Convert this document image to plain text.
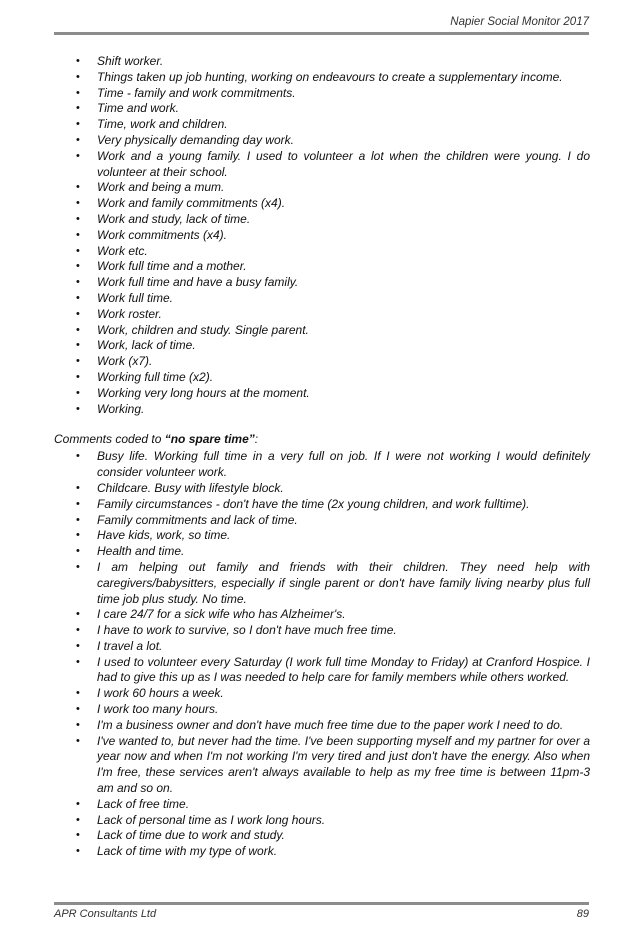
Napier Social Monitor 2017
• Shift worker.
• Things taken up job hunting, working on endeavours to create a supplementary income.
• Time - family and work commitments.
• Time and work.
• Time, work and children.
• Very physically demanding day work.
• Work and a young family. I used to volunteer a lot when the children were young. I do volunteer at their school.
• Work and being a mum.
• Work and family commitments (x4).
• Work and study, lack of time.
• Work commitments (x4).
• Work etc.
• Work full time and a mother.
• Work full time and have a busy family.
• Work full time.
• Work roster.
• Work, children and study. Single parent.
• Work, lack of time.
• Work (x7).
• Working full time (x2).
• Working very long hours at the moment.
• Working.
Comments coded to “no spare time”:
• Busy life. Working full time in a very full on job. If I were not working I would definitely consider volunteer work.
• Childcare. Busy with lifestyle block.
• Family circumstances - don't have the time (2x young children, and work fulltime).
• Family commitments and lack of time.
• Have kids, work, so time.
• Health and time.
• I am helping out family and friends with their children. They need help with caregivers/babysitters, especially if single parent or don't have family living nearby plus full time job plus study. No time.
• I care 24/7 for a sick wife who has Alzheimer's.
• I have to work to survive, so I don't have much free time.
• I travel a lot.
• I used to volunteer every Saturday (I work full time Monday to Friday) at Cranford Hospice. I had to give this up as I was needed to help care for family members while others worked.
• I work 60 hours a week.
• I work too many hours.
• I'm a business owner and don't have much free time due to the paper work I need to do.
• I've wanted to, but never had the time. I've been supporting myself and my partner for over a year now and when I'm not working I'm very tired and just don't have the energy. Also when I'm free, these services aren't always available to help as my free time is between 11pm-3 am and so on.
• Lack of free time.
• Lack of personal time as I work long hours.
• Lack of time due to work and study.
• Lack of time with my type of work.
APR Consultants Ltd	89
